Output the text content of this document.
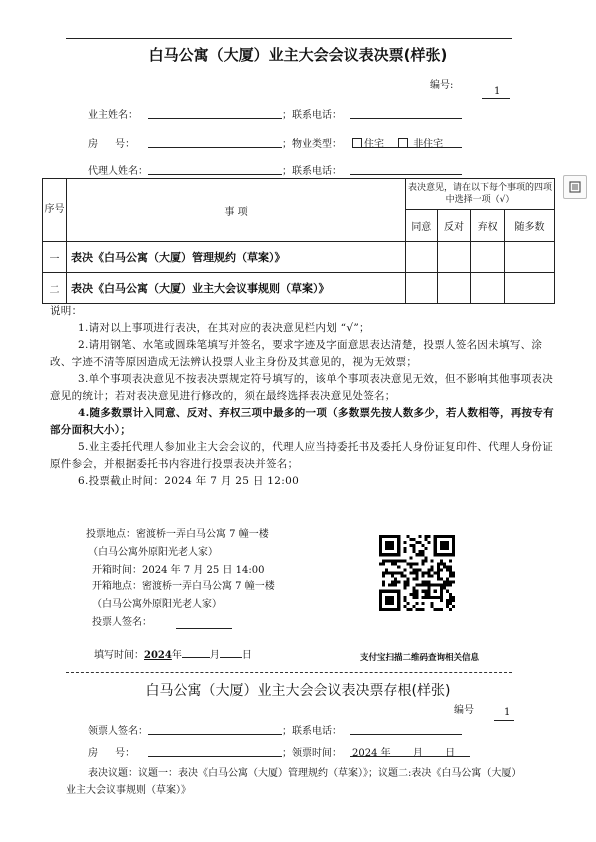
白马公寓（大厦）业主大会会议表决票(样张)
编号:
1
业主姓名：	；联系电话：
房 号：	；物业类型：	住宅	非住宅
代理人姓名：	；联系电话：
序号	事 项	表决意见，请在以下每个事项的四项中选择一项（√）			
		同意	反对	弃权	随多数
一	表决《白马公寓（大厦）管理规约（草案）》				
二	表决《白马公寓（大厦）业主大会议事规则（草案）》				

说明：

1.请对以上事项进行表决，在其对应的表决意见栏内划 “√”；

2.请用钢笔、水笔或圆珠笔填写并签名，要求字迹及字面意思表达清楚，投票人签名因未填写、涂改、字迹不清等原因造成无法辨认投票人业主身份及其意见的，视为无效票；

3.单个事项表决意见不按表决票规定符号填写的，该单个事项表决意见无效，但不影响其他事项表决意见的统计；若对表决意见进行修改的，须在最终选择表决意见处签名；

4.随多数票计入同意、反对、弃权三项中最多的一项（多数票先按人数多少，若人数相等，再按专有部分面积大小）；

5.业主委托代理人参加业主大会会议的，代理人应当持委托书及委托人身份证复印件、代理人身份证原件参会，并根据委托书内容进行投票表决并签名；

6.投票截止时间：2024 年 7 月 25 日 12:00

投票地点：密渡桥一弄白马公寓 7 幢一楼
（白马公寓外原阳光老人家）
开箱时间：2024 年 7 月 25 日 14:00
开箱地点：密渡桥一弄白马公寓 7 幢一楼
（白马公寓外原阳光老人家）
投票人签名：
填写时间：2024年	月 日	支付宝扫描二维码查询相关信息
白马公寓（大厦）业主大会会议表决票存根(样张)
编号	1
领票人签名：	；联系电话：
房 号：	；领票时间： 2024 年 月 日
表决议题：议题一：表决《白马公寓（大厦）管理规约（草案）》；议题二:表决《白马公寓（大厦）业主大会议事规则（草案）》
